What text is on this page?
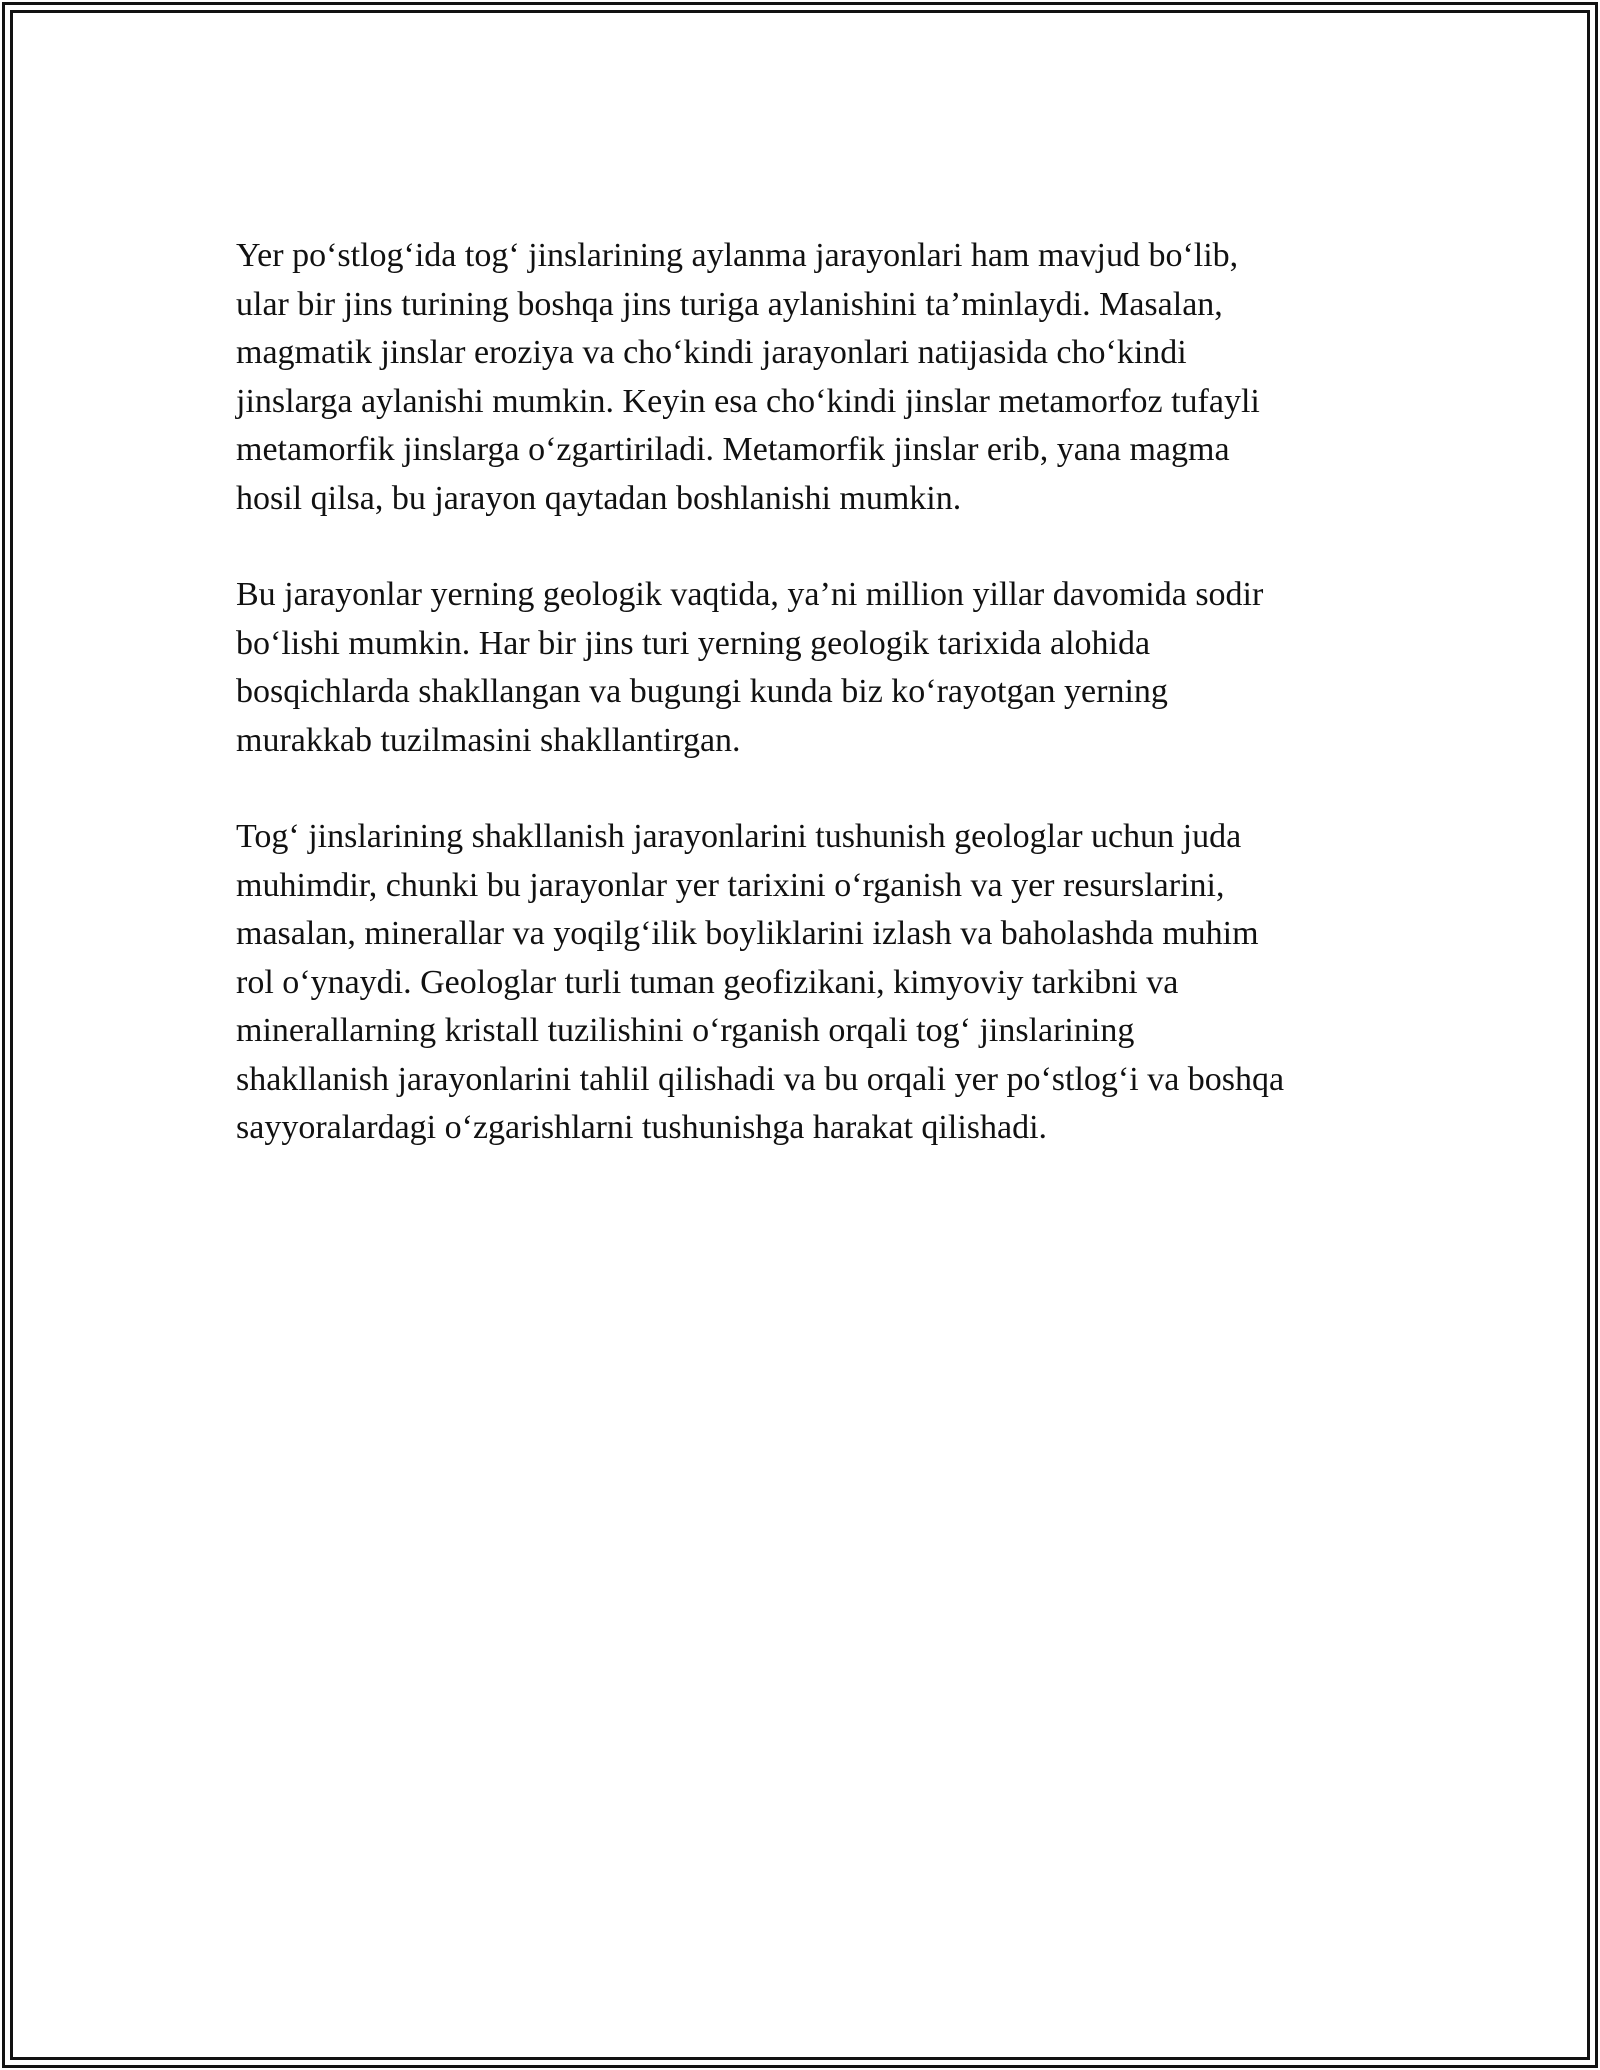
Yer po‘stlog‘ida tog‘ jinslarining aylanma jarayonlari ham mavjud bo‘lib,
ular bir jins turining boshqa jins turiga aylanishini ta’minlaydi. Masalan,
magmatik jinslar eroziya va cho‘kindi jarayonlari natijasida cho‘kindi
jinslarga aylanishi mumkin. Keyin esa cho‘kindi jinslar metamorfoz tufayli
metamorfik jinslarga o‘zgartiriladi. Metamorfik jinslar erib, yana magma
hosil qilsa, bu jarayon qaytadan boshlanishi mumkin.

Bu jarayonlar yerning geologik vaqtida, ya’ni million yillar davomida sodir
bo‘lishi mumkin. Har bir jins turi yerning geologik tarixida alohida
bosqichlarda shakllangan va bugungi kunda biz ko‘rayotgan yerning
murakkab tuzilmasini shakllantirgan.

Tog‘ jinslarining shakllanish jarayonlarini tushunish geologlar uchun juda
muhimdir, chunki bu jarayonlar yer tarixini o‘rganish va yer resurslarini,
masalan, minerallar va yoqilg‘ilik boyliklarini izlash va baholashda muhim
rol o‘ynaydi. Geologlar turli tuman geofizikani, kimyoviy tarkibni va
minerallarning kristall tuzilishini o‘rganish orqali tog‘ jinslarining
shakllanish jarayonlarini tahlil qilishadi va bu orqali yer po‘stlog‘i va boshqa
sayyoralardagi o‘zgarishlarni tushunishga harakat qilishadi.
